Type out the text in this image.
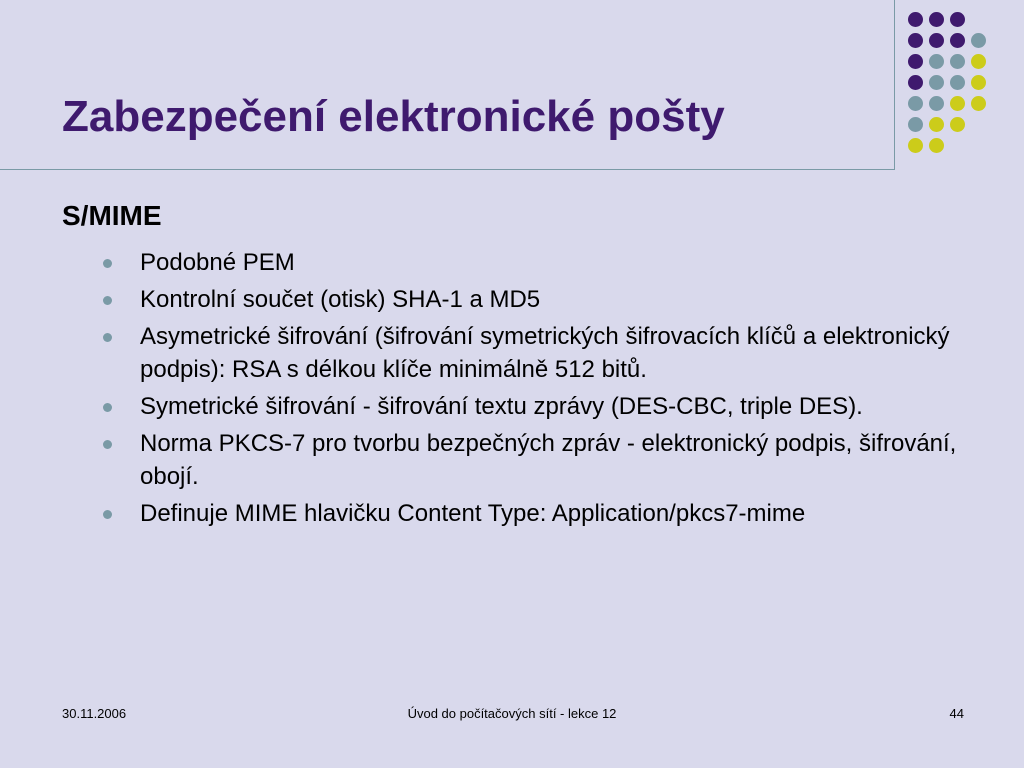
Zabezpečení elektronické pošty
S/MIME
Podobné PEM
Kontrolní součet (otisk) SHA-1 a MD5
Asymetrické šifrování (šifrování symetrických šifrovacích klíčů a elektronický podpis): RSA s délkou klíče minimálně 512 bitů.
Symetrické šifrování - šifrování textu zprávy (DES-CBC, triple DES).
Norma PKCS-7 pro tvorbu bezpečných zpráv - elektronický podpis, šifrování, obojí.
Definuje MIME hlavičku Content Type: Application/pkcs7-mime
30.11.2006	Úvod do počítačových sítí - lekce 12	44
